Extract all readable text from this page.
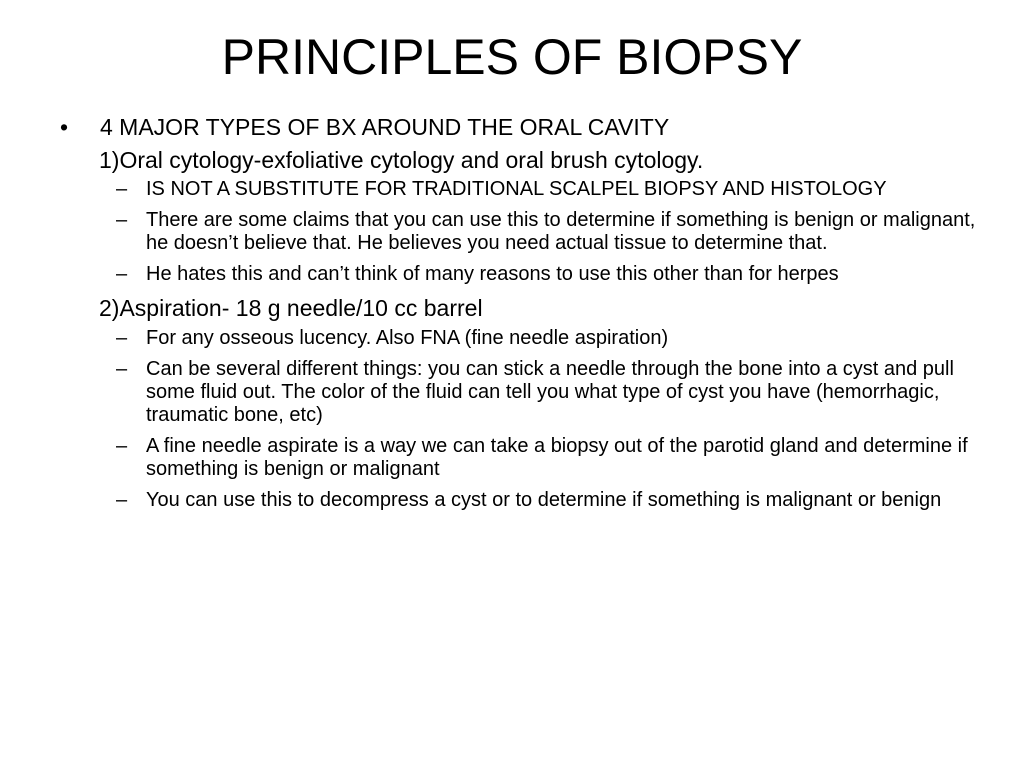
PRINCIPLES OF BIOPSY
• 4 MAJOR TYPES OF BX AROUND THE ORAL CAVITY
1)Oral cytology-exfoliative cytology and oral brush cytology.
– IS NOT A SUBSTITUTE FOR TRADITIONAL SCALPEL BIOPSY AND HISTOLOGY
– There are some claims that you can use this to determine if something is benign or malignant, he doesn’t believe that. He believes you need actual tissue to determine that.
– He hates this and can’t think of many reasons to use this other than for herpes
2)Aspiration- 18 g needle/10 cc barrel
– For any osseous lucency. Also FNA (fine needle aspiration)
– Can be several different things: you can stick a needle through the bone into a cyst and pull some fluid out. The color of the fluid can tell you what type of cyst you have (hemorrhagic, traumatic bone, etc)
– A fine needle aspirate is a way we can take a biopsy out of the parotid gland and determine if something is benign or malignant
– You can use this to decompress a cyst or to determine if something is malignant or benign
